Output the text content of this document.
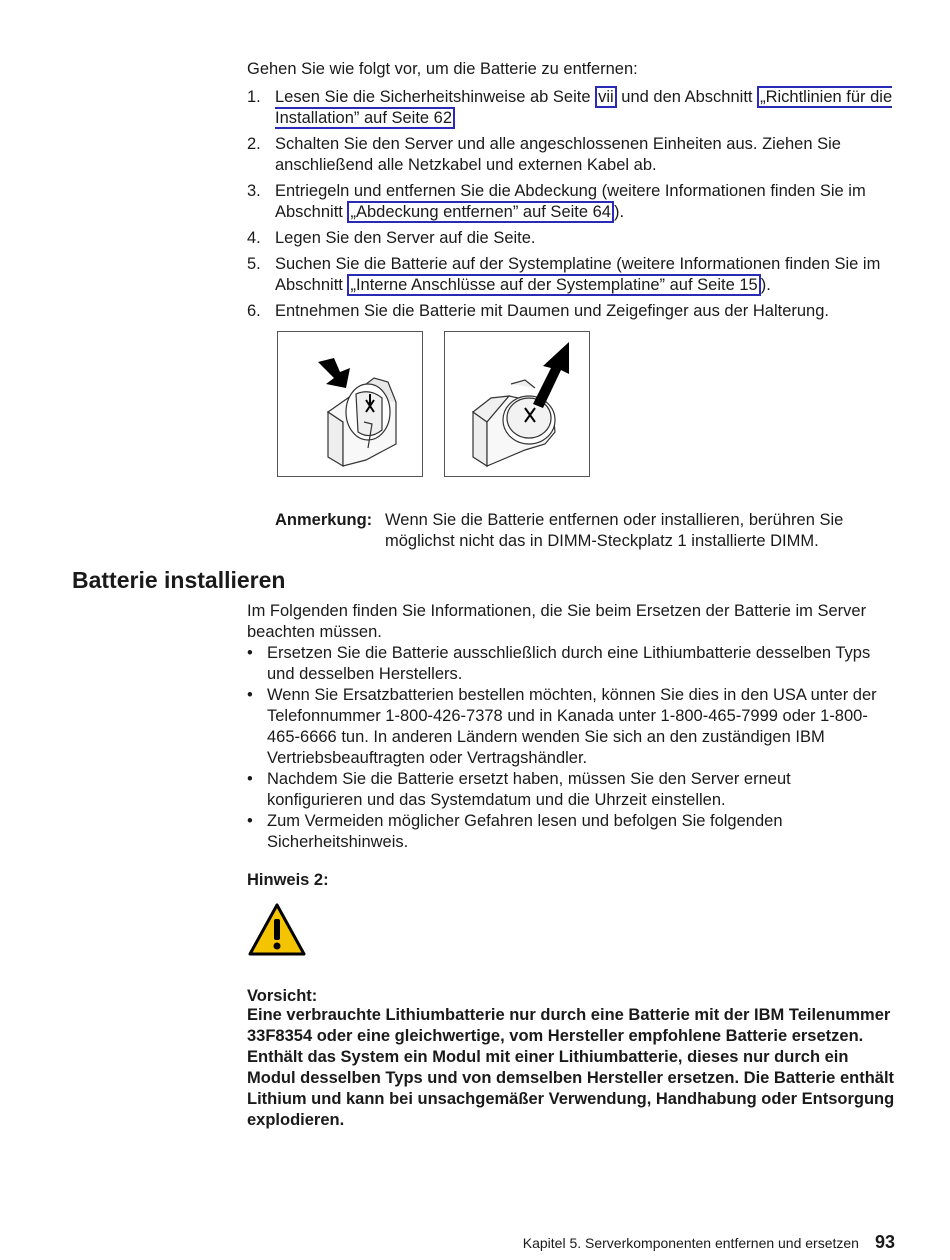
Gehen Sie wie folgt vor, um die Batterie zu entfernen:
1. Lesen Sie die Sicherheitshinweise ab Seite vii und den Abschnitt „Richtlinien für die Installation” auf Seite 62
2. Schalten Sie den Server und alle angeschlossenen Einheiten aus. Ziehen Sie anschließend alle Netzkabel und externen Kabel ab.
3. Entriegeln und entfernen Sie die Abdeckung (weitere Informationen finden Sie im Abschnitt „Abdeckung entfernen” auf Seite 64 ).
4. Legen Sie den Server auf die Seite.
5. Suchen Sie die Batterie auf der Systemplatine (weitere Informationen finden Sie im Abschnitt „Interne Anschlüsse auf der Systemplatine” auf Seite 15 ).
6. Entnehmen Sie die Batterie mit Daumen und Zeigefinger aus der Halterung.
Anmerkung: Wenn Sie die Batterie entfernen oder installieren, berühren Sie möglichst nicht das in DIMM-Steckplatz 1 installierte DIMM.
Batterie installieren
Im Folgenden finden Sie Informationen, die Sie beim Ersetzen der Batterie im Server beachten müssen.
• Ersetzen Sie die Batterie ausschließlich durch eine Lithiumbatterie desselben Typs und desselben Herstellers.
• Wenn Sie Ersatzbatterien bestellen möchten, können Sie dies in den USA unter der Telefonnummer 1-800-426-7378 und in Kanada unter 1-800-465-7999 oder 1-800-465-6666 tun. In anderen Ländern wenden Sie sich an den zuständigen IBM Vertriebsbeauftragten oder Vertragshändler.
• Nachdem Sie die Batterie ersetzt haben, müssen Sie den Server erneut konfigurieren und das Systemdatum und die Uhrzeit einstellen.
• Zum Vermeiden möglicher Gefahren lesen und befolgen Sie folgenden Sicherheitshinweis.
Hinweis 2:
Vorsicht:
Eine verbrauchte Lithiumbatterie nur durch eine Batterie mit der IBM Teilenummer 33F8354 oder eine gleichwertige, vom Hersteller empfohlene Batterie ersetzen. Enthält das System ein Modul mit einer Lithiumbatterie, dieses nur durch ein Modul desselben Typs und von demselben Hersteller ersetzen. Die Batterie enthält Lithium und kann bei unsachgemäßer Verwendung, Handhabung oder Entsorgung explodieren.
Kapitel 5. Serverkomponenten entfernen und ersetzen 93
